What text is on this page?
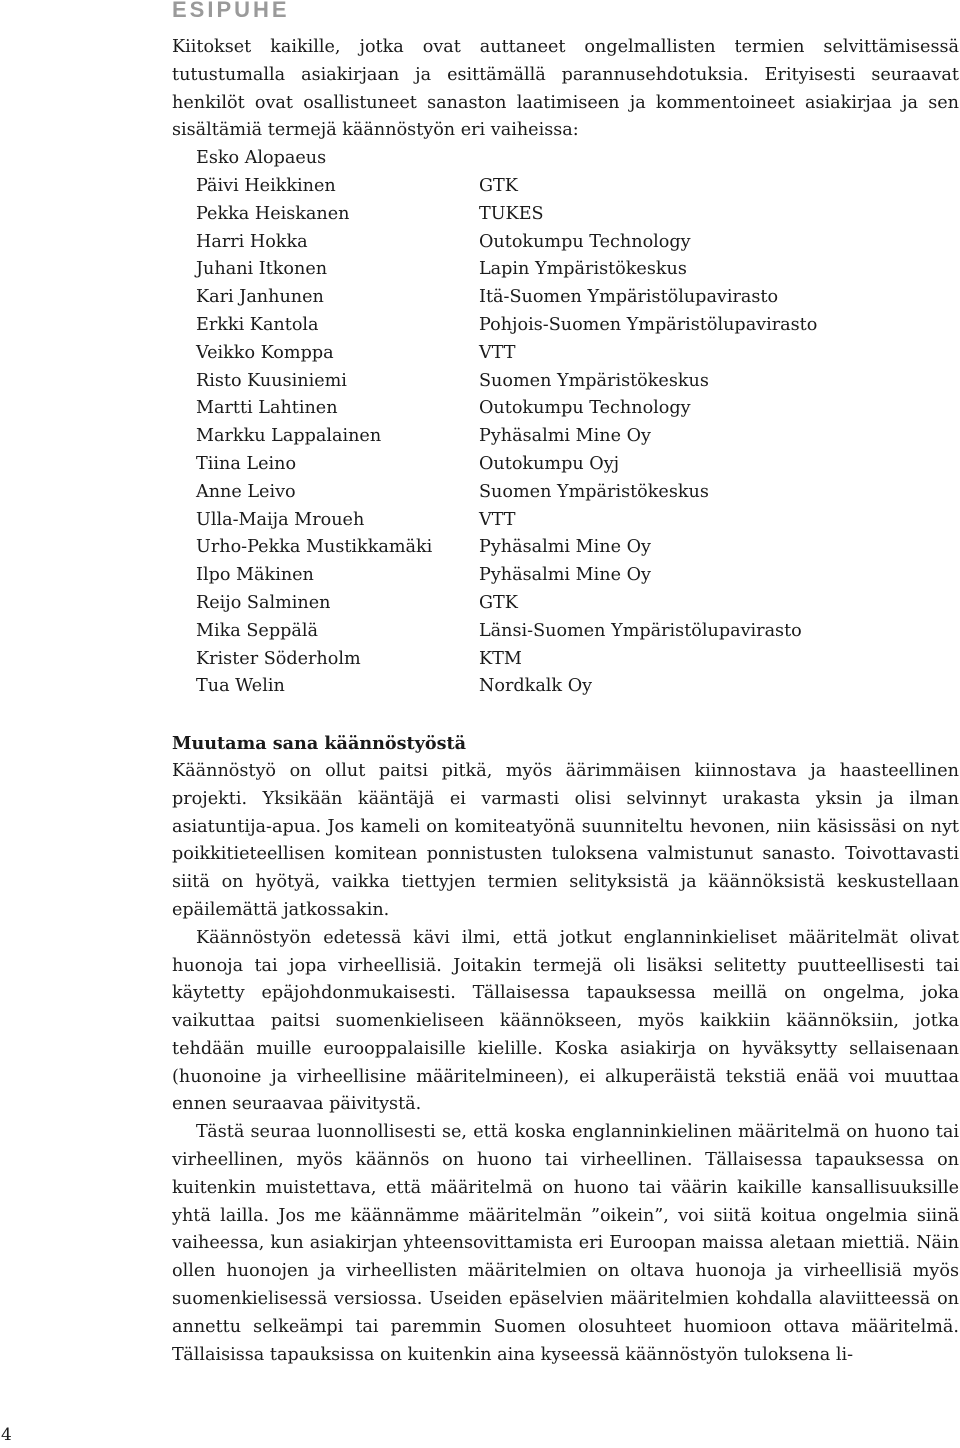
ESIPUHE

Kiitokset kaikille, jotka ovat auttaneet ongelmallisten termien selvittämisessä tutustumalla asiakirjaan ja esittämällä parannusehdotuksia. Erityisesti seuraavat henkilöt ovat osallistuneet sanaston laatimiseen ja kommentoineet asiakirjaa ja sen sisältämiä termejä käännöstyön eri vaiheissa:

Esko Alopaeus
Päivi Heikkinen	GTK
Pekka Heiskanen	TUKES
Harri Hokka	Outokumpu Technology
Juhani Itkonen	Lapin Ympäristökeskus
Kari Janhunen	Itä-Suomen Ympäristölupavirasto
Erkki Kantola	Pohjois-Suomen Ympäristölupavirasto
Veikko Komppa	VTT
Risto Kuusiniemi	Suomen Ympäristökeskus
Martti Lahtinen	Outokumpu Technology
Markku Lappalainen	Pyhäsalmi Mine Oy
Tiina Leino	Outokumpu Oyj
Anne Leivo	Suomen Ympäristökeskus
Ulla-Maija Mroueh	VTT
Urho-Pekka Mustikkamäki	Pyhäsalmi Mine Oy
Ilpo Mäkinen	Pyhäsalmi Mine Oy
Reijo Salminen	GTK
Mika Seppälä	Länsi-Suomen Ympäristölupavirasto
Krister Söderholm	KTM
Tua Welin	Nordkalk Oy
Muutama sana käännöstyöstä

Käännöstyö on ollut paitsi pitkä, myös äärimmäisen kiinnostava ja haasteellinen projekti. Yksikään kääntäjä ei varmasti olisi selvinnyt urakasta yksin ja ilman asiatuntija-apua. Jos kameli on komiteatyönä suunniteltu hevonen, niin käsissäsi on nyt poikkitieteellisen komitean ponnistusten tuloksena valmistunut sanasto. Toivottavasti siitä on hyötyä, vaikka tiettyjen termien selityksistä ja käännöksistä keskustellaan epäilemättä jatkossakin.

Käännöstyön edetessä kävi ilmi, että jotkut englanninkieliset määritelmät olivat huonoja tai jopa virheellisiä. Joitakin termejä oli lisäksi selitetty puutteellisesti tai käytetty epäjohdonmukaisesti. Tällaisessa tapauksessa meillä on ongelma, joka vaikuttaa paitsi suomenkieliseen käännökseen, myös kaikkiin käännöksiin, jotka tehdään muille eurooppalaisille kielille. Koska asiakirja on hyväksytty sellaisenaan (huonoine ja virheellisine määritelmineen), ei alkuperäistä tekstiä enää voi muuttaa ennen seuraavaa päivitystä.

Tästä seuraa luonnollisesti se, että koska englanninkielinen määritelmä on huono tai virheellinen, myös käännös on huono tai virheellinen. Tällaisessa tapauksessa on kuitenkin muistettava, että määritelmä on huono tai väärin kaikille kansallisuuksille yhtä lailla. Jos me käännämme määritelmän ”oikein”, voi siitä koitua ongelmia siinä vaiheessa, kun asiakirjan yhteensovittamista eri Euroopan maissa aletaan miettiä. Näin ollen huonojen ja virheellisten määritelmien on oltava huonoja ja virheellisiä myös suomenkielisessä versiossa. Useiden epäselvien määritelmien kohdalla alaviitteessä on annettu selkeämpi tai paremmin Suomen olosuhteet huomioon ottava määritelmä. Tällaisissa tapauksissa on kuitenkin aina kyseessä käännöstyön tuloksena li-

4
